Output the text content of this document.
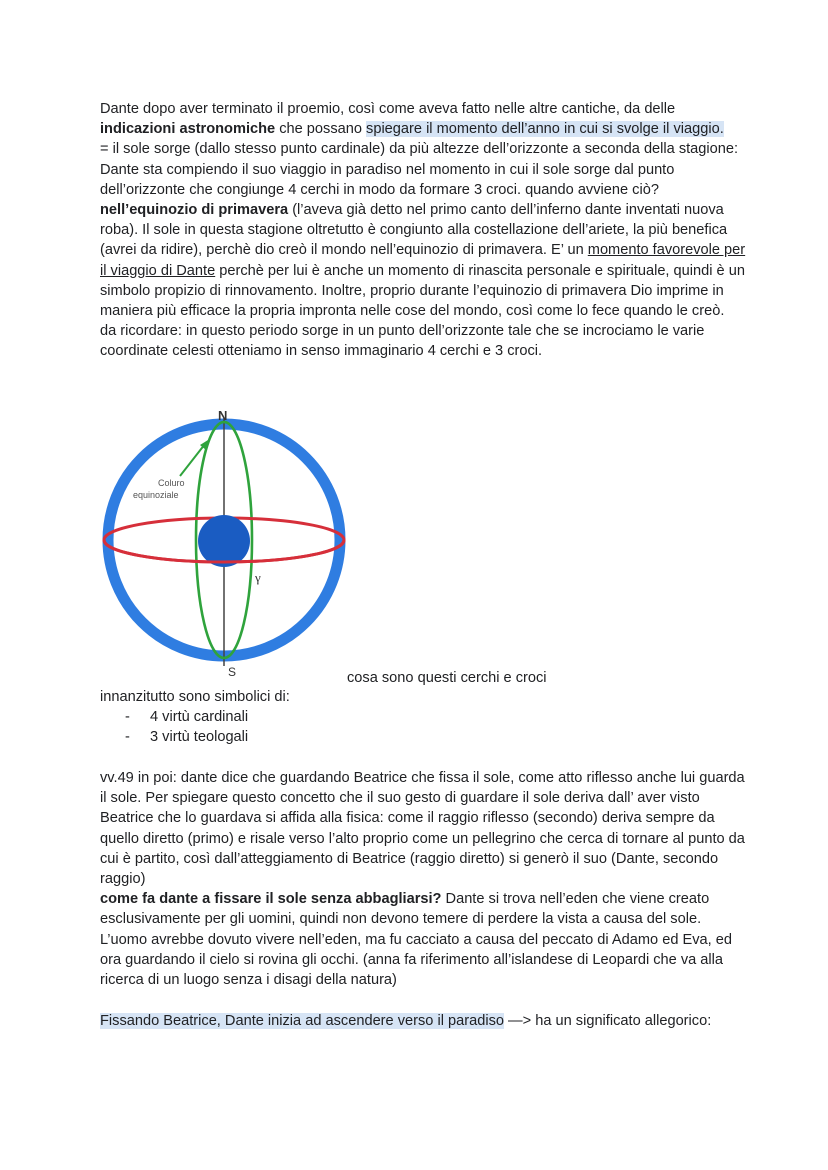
Dante dopo aver terminato il proemio, così come aveva fatto nelle altre cantiche, da delle indicazioni astronomiche che possano spiegare il momento dell’anno in cui si svolge il viaggio.

= il sole sorge (dallo stesso punto cardinale) da più altezze dell’orizzonte a seconda della stagione: Dante sta compiendo il suo viaggio in paradiso nel momento in cui il sole sorge dal punto dell’orizzonte che congiunge 4 cerchi in modo da formare 3 croci. quando avviene ciò? nell’equinozio di primavera (l’aveva già detto nel primo canto dell’inferno dante inventati nuova roba). Il sole in questa stagione oltretutto è congiunto alla costellazione dell’ariete, la più benefica (avrei da ridire), perchè dio creò il mondo nell’equinozio di primavera. E’ un momento favorevole per il viaggio di Dante perchè per lui è anche un momento di rinascita personale e spirituale, quindi è un simbolo propizio di rinnovamento. Inoltre, proprio durante l’equinozio di primavera Dio imprime in maniera più efficace la propria impronta nelle cose del mondo, così come lo fece quando le creò.

da ricordare: in questo periodo sorge in un punto dell’orizzonte tale che se incrociamo le varie coordinate celesti otteniamo in senso immaginario 4 cerchi e 3 croci.

N
S
γ
Coluro
equinoziale
cosa sono questi cerchi e croci

innanzitutto sono simbolici di:

- 4 virtù cardinali
- 3 virtù teologali

vv.49 in poi: dante dice che guardando Beatrice che fissa il sole, come atto riflesso anche lui guarda il sole. Per spiegare questo concetto che il suo gesto di guardare il sole deriva dall’ aver visto Beatrice che lo guardava si affida alla fisica: come il raggio riflesso (secondo) deriva sempre da quello diretto (primo) e risale verso l’alto proprio come un pellegrino che cerca di tornare al punto da cui è partito, così dall’atteggiamento di Beatrice (raggio diretto) si generò il suo (Dante, secondo raggio)

come fa dante a fissare il sole senza abbagliarsi? Dante si trova nell’eden che viene creato esclusivamente per gli uomini, quindi non devono temere di perdere la vista a causa del sole. L’uomo avrebbe dovuto vivere nell’eden, ma fu cacciato a causa del peccato di Adamo ed Eva, ed ora guardando il cielo si rovina gli occhi. (anna fa riferimento all’islandese di Leopardi che va alla ricerca di un luogo senza i disagi della natura)

Fissando Beatrice, Dante inizia ad ascendere verso il paradiso —> ha un significato allegorico:
